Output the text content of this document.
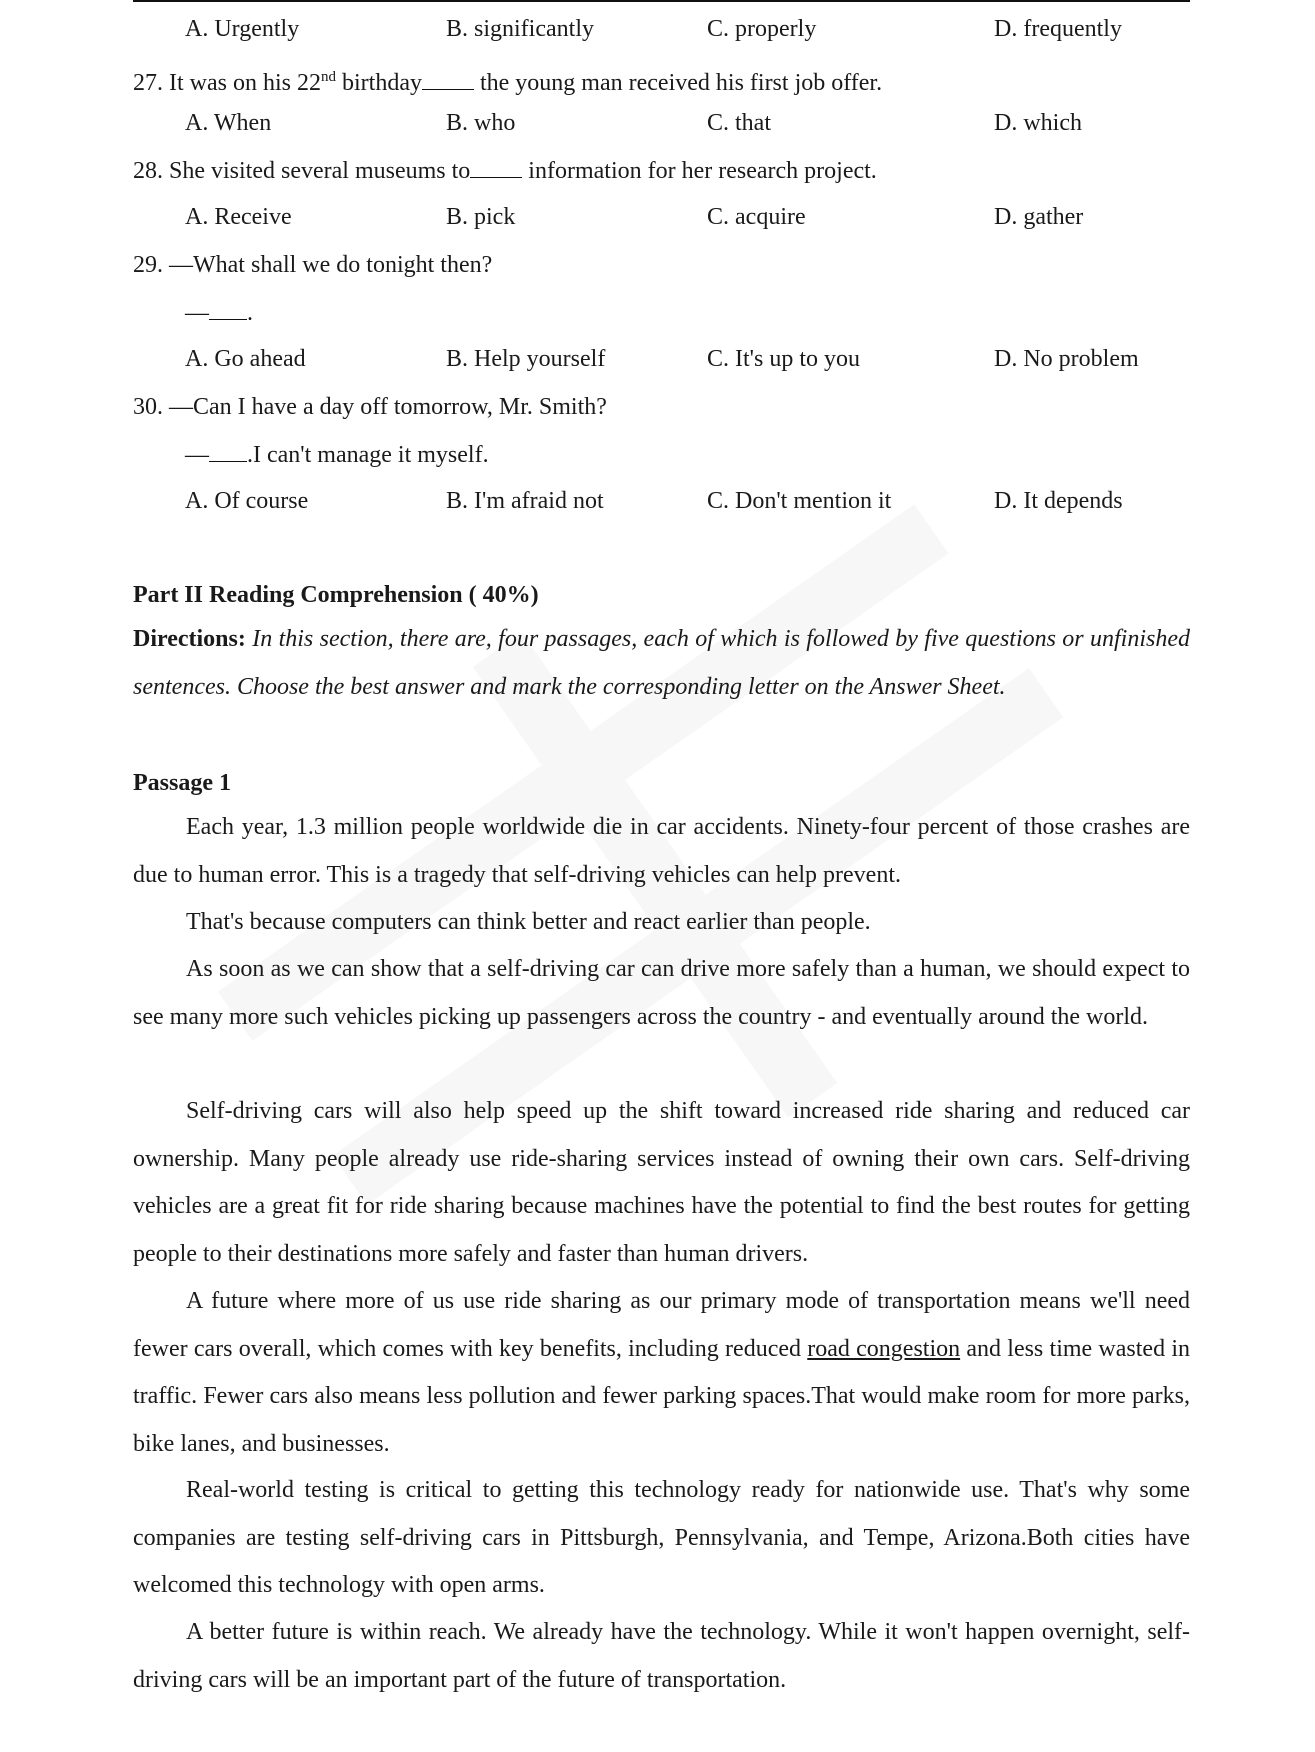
A. Urgently	B. significantly	C. properly	D. frequently
27. It was on his 22nd birthday the young man received his first job offer.
A. When	B. who	C. that	D. which
28. She visited several museums to information for her research project.
A. Receive	B. pick	C. acquire	D. gather
29. —What shall we do tonight then?
— .
A. Go ahead	B. Help yourself	C. It's up to you	D. No problem
30. —Can I have a day off tomorrow, Mr. Smith?
— .I can't manage it myself.
A. Of course	B. I'm afraid not	C. Don't mention it	D. It depends
Part II Reading Comprehension ( 40%)
Directions: In this section, there are, four passages, each of which is followed by five questions or unfinished sentences. Choose the best answer and mark the corresponding letter on the Answer Sheet.
Passage 1
Each year, 1.3 million people worldwide die in car accidents. Ninety-four percent of those crashes are due to human error. This is a tragedy that self-driving vehicles can help prevent.
That's because computers can think better and react earlier than people.
As soon as we can show that a self-driving car can drive more safely than a human, we should expect to see many more such vehicles picking up passengers across the country - and eventually around the world.
Self-driving cars will also help speed up the shift toward increased ride sharing and reduced car ownership. Many people already use ride-sharing services instead of owning their own cars. Self-driving vehicles are a great fit for ride sharing because machines have the potential to find the best routes for getting people to their destinations more safely and faster than human drivers.
A future where more of us use ride sharing as our primary mode of transportation means we'll need fewer cars overall, which comes with key benefits, including reduced road congestion and less time wasted in traffic. Fewer cars also means less pollution and fewer parking spaces.That would make room for more parks, bike lanes, and businesses.
Real-world testing is critical to getting this technology ready for nationwide use. That's why some companies are testing self-driving cars in Pittsburgh, Pennsylvania, and Tempe, Arizona.Both cities have welcomed this technology with open arms.
A better future is within reach. We already have the technology. While it won't happen overnight, self-driving cars will be an important part of the future of transportation.
